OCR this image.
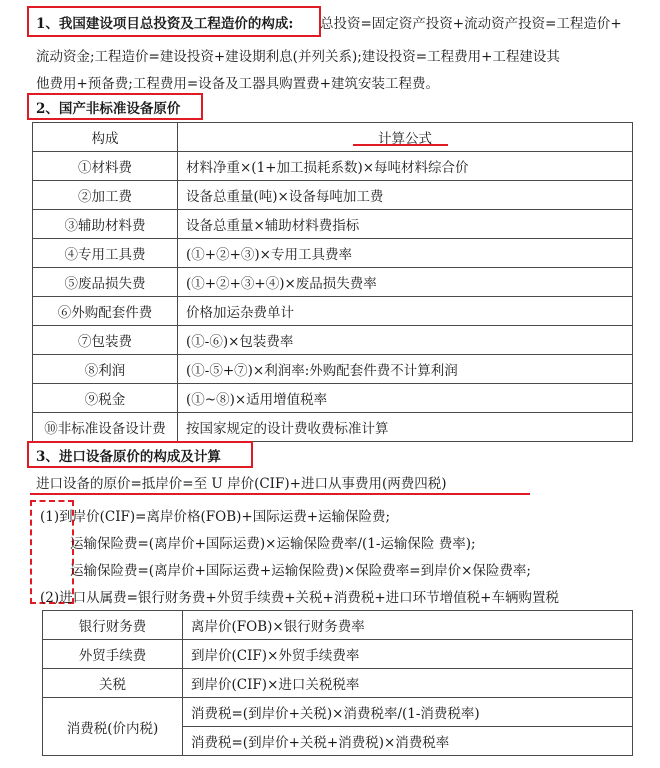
1、我国建设项目总投资及工程造价的构成: 总投资=固定资产投资+流动资产投资=工程造价+
流动资金;工程造价=建设投资+建设期利息(并列关系);建设投资=工程费用+工程建设其
他费用+预备费;工程费用=设备及工器具购置费+建筑安装工程费。
2、国产非标准设备原价
构成	计算公式

①材料费	材料净重×(1+加工损耗系数)×每吨材料综合价
②加工费	设备总重量(吨)×设备每吨加工费
③辅助材料费	设备总重量×辅助材料费指标
④专用工具费	(①+②+③)×专用工具费率
⑤废品损失费	(①+②+③+④)×废品损失费率
⑥外购配套件费	价格加运杂费单计
⑦包装费	(①-⑥)×包装费率
⑧利润	(①-⑤+⑦)×利润率:外购配套件费不计算利润
⑨税金	(①~⑧)×适用增值税率
⑩非标准设备设计费	按国家规定的设计费收费标准计算
3、进口设备原价的构成及计算
进口设备的原价=抵岸价=至 U 岸价(CIF)+进口从事费用(两费四税)
(1)到岸价(CIF)=离岸价格(FOB)+国际运费+运输保险费;
运输保险费=(离岸价+国际运费)×运输保险费率/(1-运输保险 费率);
运输保险费=(离岸价+国际运费+运输保险费)×保险费率=到岸价×保险费率;
(2)进口从属费=银行财务费+外贸手续费+关税+消费税+进口环节增值税+车辆购置税
银行财务费	离岸价(FOB)×银行财务费率
外贸手续费	到岸价(CIF)×外贸手续费率
关税	到岸价(CIF)×进口关税税率
消费税(价内税)	消费税=(到岸价+关税)×消费税率/(1-消费税率)
	消费税=(到岸价+关税+消费税)×消费税率
